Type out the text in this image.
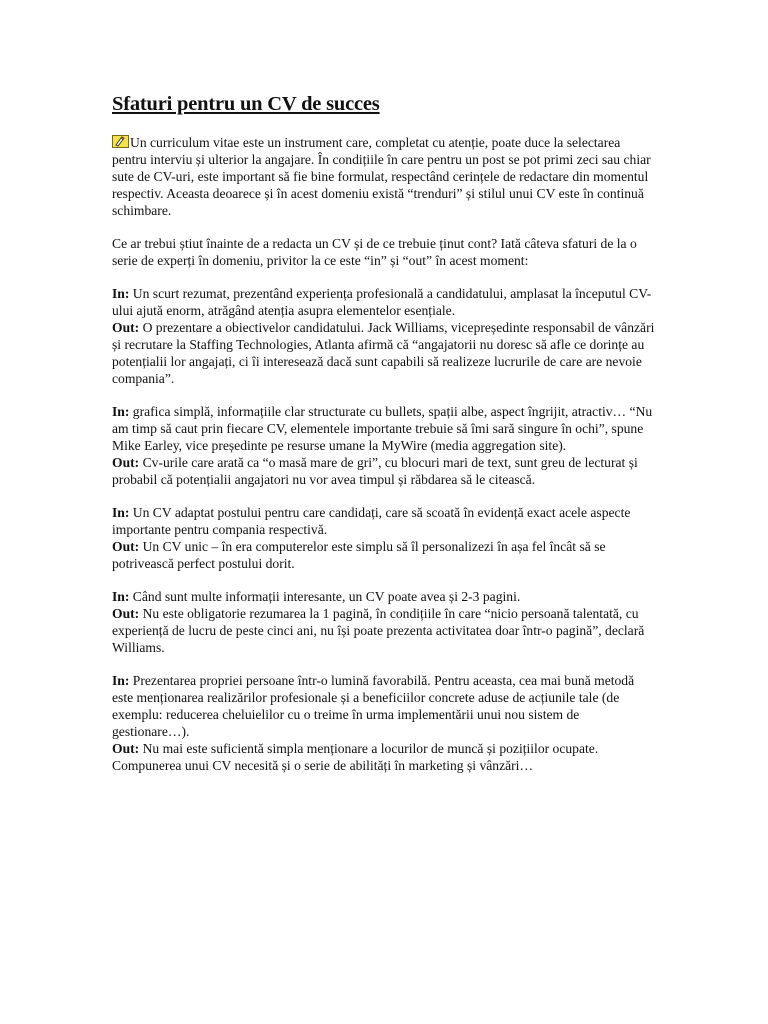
Sfaturi pentru un CV de succes

Un curriculum vitae este un instrument care, completat cu atenție, poate duce la selectarea pentru interviu și ulterior la angajare. În condițiile în care pentru un post se pot primi zeci sau chiar sute de CV-uri, este important să fie bine formulat, respectând cerințele de redactare din momentul respectiv. Aceasta deoarece și în acest domeniu există “trenduri” și stilul unui CV este în continuă schimbare.

Ce ar trebui știut înainte de a redacta un CV și de ce trebuie ținut cont? Iată câteva sfaturi de la o serie de experți în domeniu, privitor la ce este “in” și “out” în acest moment:

In: Un scurt rezumat, prezentând experiența profesională a candidatului, amplasat la începutul CV-ului ajută enorm, atrăgând atenția asupra elementelor esențiale.
Out: O prezentare a obiectivelor candidatului. Jack Williams, vicepreședinte responsabil de vânzări și recrutare la Staffing Technologies, Atlanta afirmă că “angajatorii nu doresc să afle ce dorințe au potențialii lor angajați, ci îi interesează dacă sunt capabili să realizeze lucrurile de care are nevoie compania”.

In: grafica simplă, informațiile clar structurate cu bullets, spații albe, aspect îngrijit, atractiv… “Nu am timp să caut prin fiecare CV, elementele importante trebuie să îmi sară singure în ochi”, spune Mike Earley, vice președinte pe resurse umane la MyWire (media aggregation site).
Out: Cv-urile care arată ca “o masă mare de gri”, cu blocuri mari de text, sunt greu de lecturat și probabil că potențialii angajatori nu vor avea timpul și răbdarea să le citească.

In: Un CV adaptat postului pentru care candidați, care să scoată în evidență exact acele aspecte importante pentru compania respectivă.
Out: Un CV unic – în era computerelor este simplu să îl personalizezi în așa fel încât să se potrivească perfect postului dorit.

In: Când sunt multe informații interesante, un CV poate avea și 2-3 pagini.
Out: Nu este obligatorie rezumarea la 1 pagină, în condițiile în care “nicio persoană talentată, cu experiență de lucru de peste cinci ani, nu își poate prezenta activitatea doar într-o pagină”, declară Williams.

In: Prezentarea propriei persoane într-o lumină favorabilă. Pentru aceasta, cea mai bună metodă este menționarea realizărilor profesionale și a beneficiilor concrete aduse de acțiunile tale (de exemplu: reducerea cheluielilor cu o treime în urma implementării unui nou sistem de gestionare…).
Out: Nu mai este suficientă simpla menționare a locurilor de muncă și pozițiilor ocupate. Compunerea unui CV necesită și o serie de abilități în marketing și vânzări…
